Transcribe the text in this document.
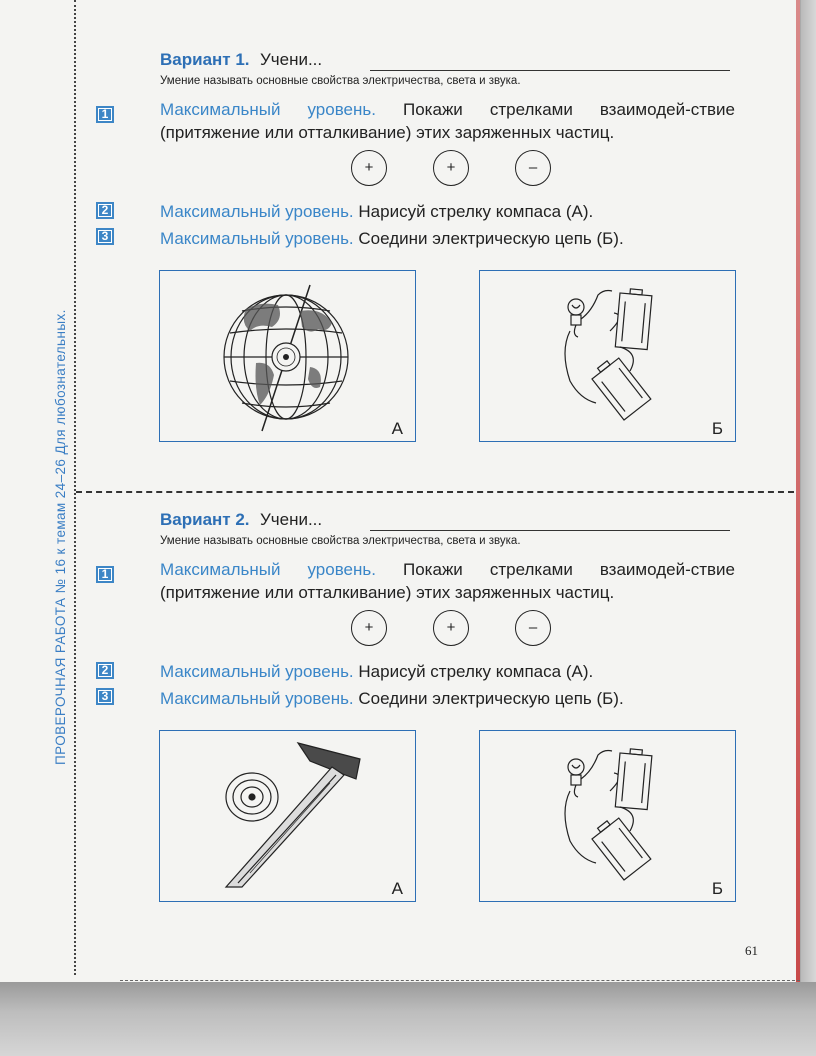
ПРОВЕРОЧНАЯ РАБОТА № 16 к темам 24–26 Для любознательных.
Вариант 1. Учени...
Умение называть основные свойства электричества, света и звука.
1	Максимальный уровень. Покажи стрелками взаимодей-ствие (притяжение или отталкивание) этих заряженных частиц.
+	+	–
2	Максимальный уровень. Нарисуй стрелку компаса (А).
3	Максимальный уровень. Соедини электрическую цепь (Б).
А	Б
Вариант 2. Учени...
Умение называть основные свойства электричества, света и звука.
1	Максимальный уровень. Покажи стрелками взаимодей-ствие (притяжение или отталкивание) этих заряженных частиц.
+	+	–
2	Максимальный уровень. Нарисуй стрелку компаса (А).
3	Максимальный уровень. Соедини электрическую цепь (Б).
А	Б
61
